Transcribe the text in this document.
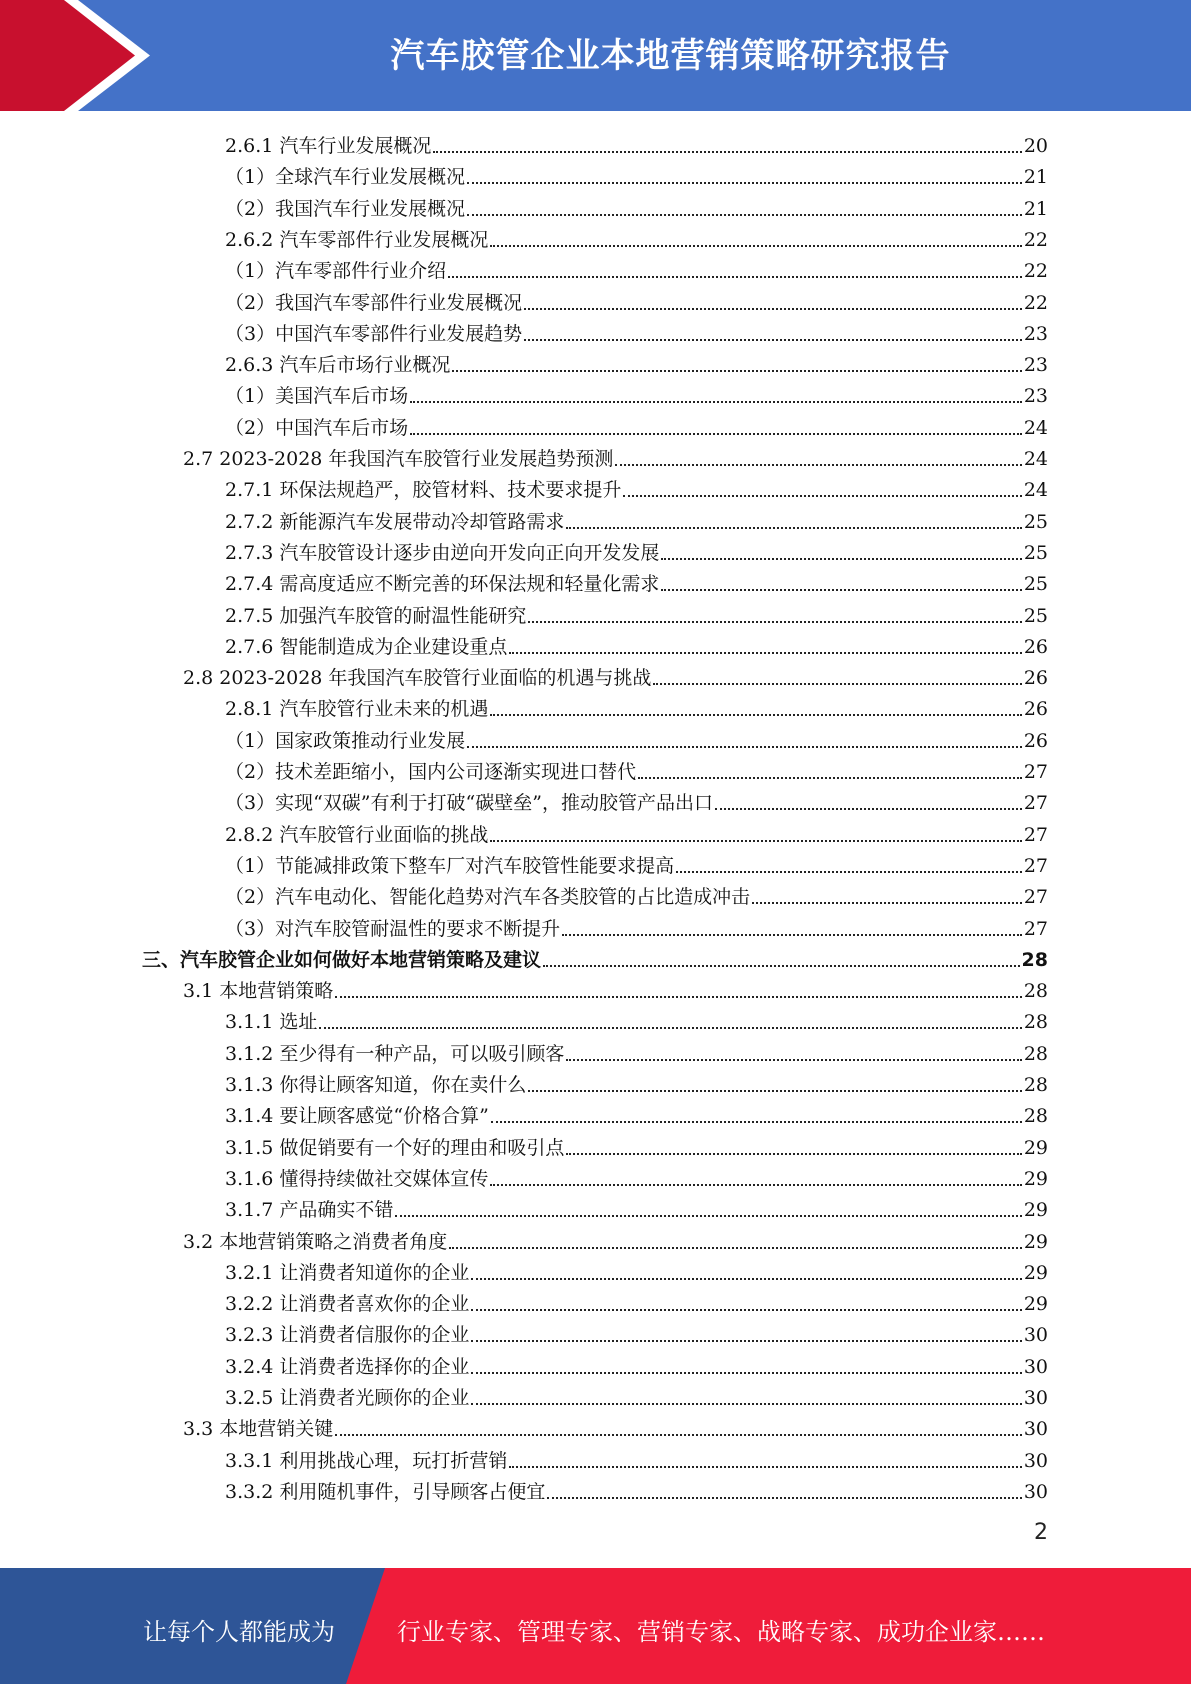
汽车胶管企业本地营销策略研究报告
2.6.1 汽车行业发展概况	20
（1）全球汽车行业发展概况	21
（2）我国汽车行业发展概况	21
2.6.2 汽车零部件行业发展概况	22
（1）汽车零部件行业介绍	22
（2）我国汽车零部件行业发展概况	22
（3）中国汽车零部件行业发展趋势	23
2.6.3 汽车后市场行业概况	23
（1）美国汽车后市场	23
（2）中国汽车后市场	24
2.7 2023-2028 年我国汽车胶管行业发展趋势预测	24
2.7.1 环保法规趋严，胶管材料、技术要求提升	24
2.7.2 新能源汽车发展带动冷却管路需求	25
2.7.3 汽车胶管设计逐步由逆向开发向正向开发发展	25
2.7.4 需高度适应不断完善的环保法规和轻量化需求	25
2.7.5 加强汽车胶管的耐温性能研究	25
2.7.6 智能制造成为企业建设重点	26
2.8 2023-2028 年我国汽车胶管行业面临的机遇与挑战	26
2.8.1 汽车胶管行业未来的机遇	26
（1）国家政策推动行业发展	26
（2）技术差距缩小，国内公司逐渐实现进口替代	27
（3）实现“双碳”有利于打破“碳壁垒”，推动胶管产品出口	27
2.8.2 汽车胶管行业面临的挑战	27
（1）节能减排政策下整车厂对汽车胶管性能要求提高	27
（2）汽车电动化、智能化趋势对汽车各类胶管的占比造成冲击	27
（3）对汽车胶管耐温性的要求不断提升	27
三、汽车胶管企业如何做好本地营销策略及建议	28
3.1 本地营销策略	28
3.1.1 选址	28
3.1.2 至少得有一种产品，可以吸引顾客	28
3.1.3 你得让顾客知道，你在卖什么	28
3.1.4 要让顾客感觉“价格合算”	28
3.1.5 做促销要有一个好的理由和吸引点	29
3.1.6 懂得持续做社交媒体宣传	29
3.1.7 产品确实不错	29
3.2 本地营销策略之消费者角度	29
3.2.1 让消费者知道你的企业	29
3.2.2 让消费者喜欢你的企业	29
3.2.3 让消费者信服你的企业	30
3.2.4 让消费者选择你的企业	30
3.2.5 让消费者光顾你的企业	30
3.3 本地营销关键	30
3.3.1 利用挑战心理，玩打折营销	30
3.3.2 利用随机事件，引导顾客占便宜	30
2
让每个人都能成为	行业专家、管理专家、营销专家、战略专家、成功企业家……
